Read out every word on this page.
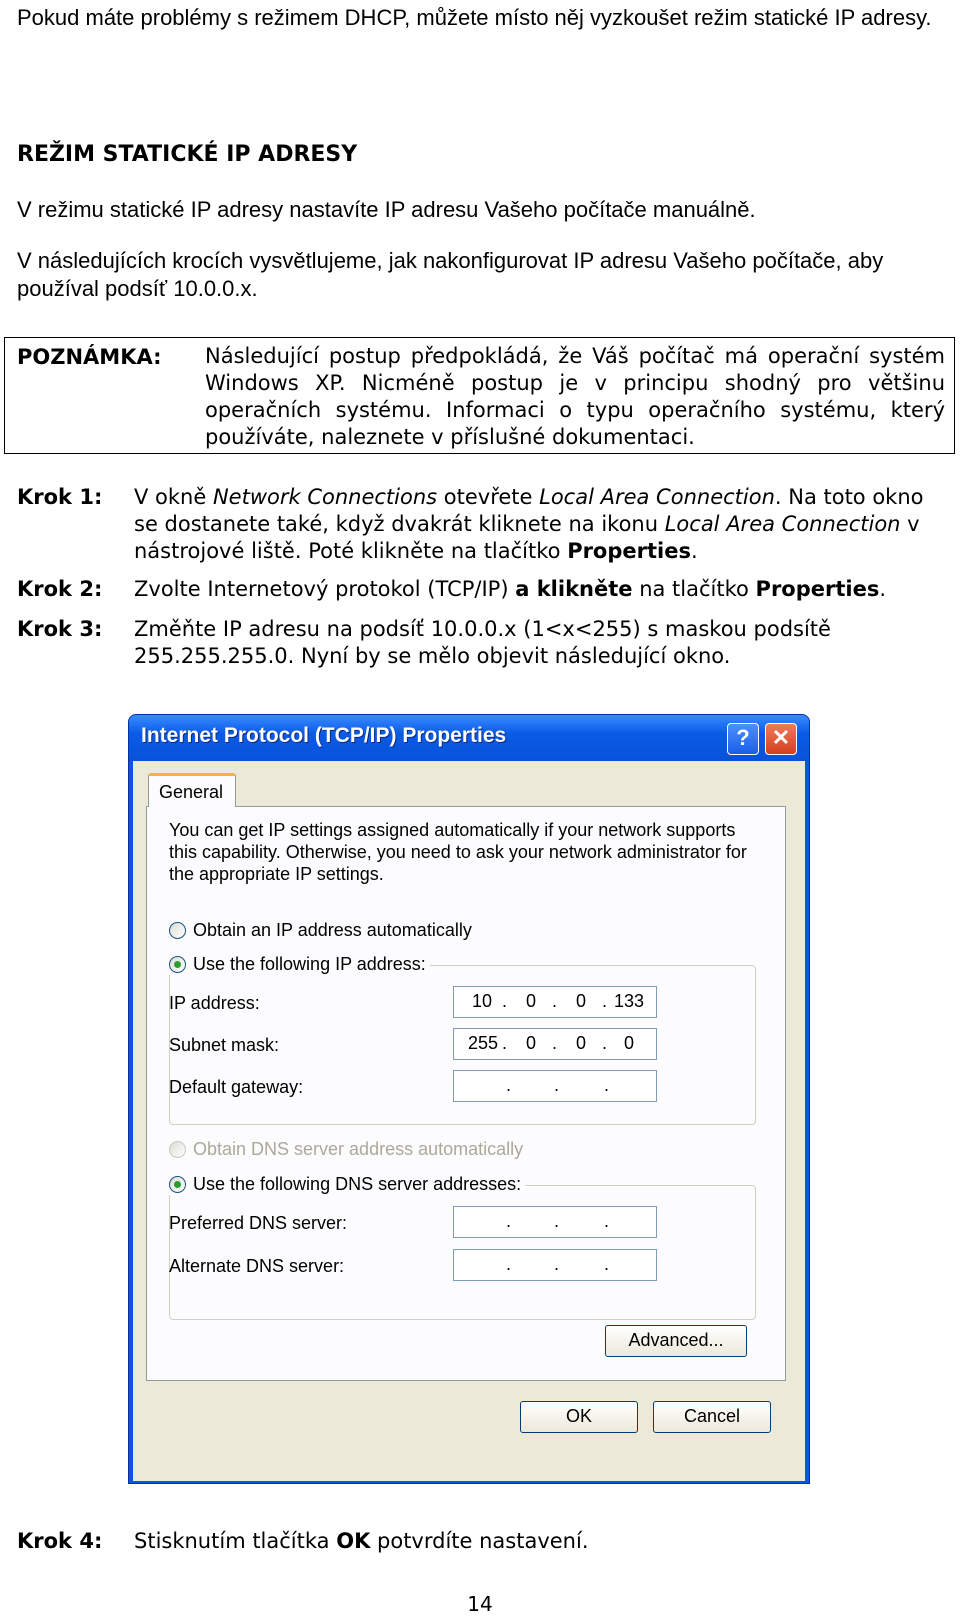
Pokud máte problémy s režimem DHCP, můžete místo něj vyzkoušet režim statické IP adresy.
REŽIM STATICKÉ IP ADRESY
V režimu statické IP adresy nastavíte IP adresu Vašeho počítače manuálně.
V následujících krocích vysvětlujeme, jak nakonfigurovat IP adresu Vašeho počítače, aby používal podsíť 10.0.0.x.
POZNÁMKA: Následující postup předpokládá, že Váš počítač má operační systém Windows XP. Nicméně postup je v principu shodný pro většinu operačních systému. Informaci o typu operačního systému, který používáte, naleznete v příslušné dokumentaci.
Krok 1: V okně Network Connections otevřete Local Area Connection. Na toto okno se dostanete také, když dvakrát kliknete na ikonu Local Area Connection v nástrojové liště. Poté klikněte na tlačítko Properties.
Krok 2: Zvolte Internetový protokol (TCP/IP) a klikněte na tlačítko Properties.
Krok 3: Změňte IP adresu na podsíť 10.0.0.x (1<x<255) s maskou podsítě 255.255.255.0. Nyní by se mělo objevit následující okno.
Internet Protocol (TCP/IP) Properties	?	✕
General
You can get IP settings assigned automatically if your network supports this capability. Otherwise, you need to ask your network administrator for the appropriate IP settings.
Obtain an IP address automatically
Use the following IP address:
IP address:	10 . 0 . 0 . 133
Subnet mask:	255 . 0 . 0 . 0
Default gateway:	. . .
Obtain DNS server address automatically
Use the following DNS server addresses:
Preferred DNS server:	. . .
Alternate DNS server:	. . .
Advanced...
OK	Cancel
Krok 4: Stisknutím tlačítka OK potvrdíte nastavení.
14
